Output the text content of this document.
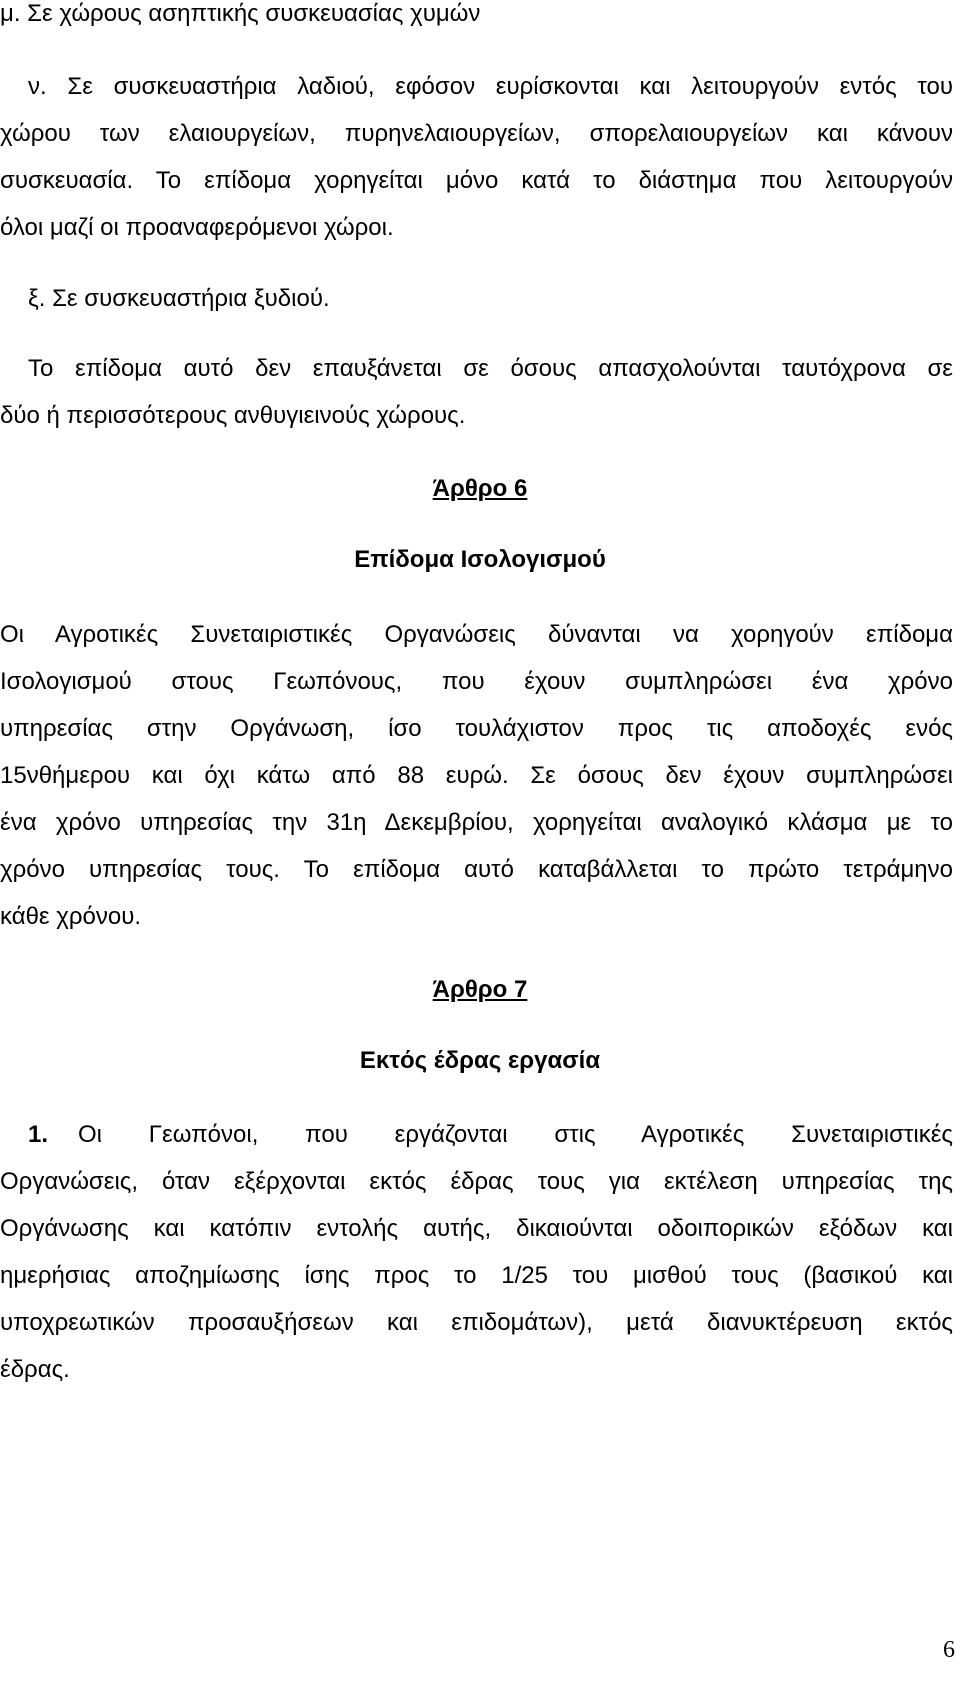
μ. Σε χώρους ασηπτικής συσκευασίας χυμών
ν. Σε συσκευαστήρια λαδιού, εφόσον ευρίσκονται και λειτουργούν εντός του
χώρου των ελαιουργείων, πυρηνελαιουργείων, σπορελαιουργείων και κάνουν
συσκευασία. Το επίδομα χορηγείται μόνο κατά το διάστημα που λειτουργούν
όλοι μαζί οι προαναφερόμενοι χώροι.
ξ. Σε συσκευαστήρια ξυδιού.
Το επίδομα αυτό δεν επαυξάνεται σε όσους απασχολούνται ταυτόχρονα σε
δύο ή περισσότερους ανθυγιεινούς χώρους.
Άρθρο 6
Επίδομα Ισολογισμού
Οι Αγροτικές Συνεταιριστικές Οργανώσεις δύνανται να χορηγούν επίδομα
Ισολογισμού στους Γεωπόνους, που έχουν συμπληρώσει ένα χρόνο
υπηρεσίας στην Οργάνωση, ίσο τουλάχιστον προς τις αποδοχές ενός
15νθήμερου και όχι κάτω από 88 ευρώ. Σε όσους δεν έχουν συμπληρώσει
ένα χρόνο υπηρεσίας την 31η Δεκεμβρίου, χορηγείται αναλογικό κλάσμα με το
χρόνο υπηρεσίας τους. Το επίδομα αυτό καταβάλλεται το πρώτο τετράμηνο
κάθε χρόνου.
Άρθρο 7
Εκτός έδρας εργασία
1. Οι Γεωπόνοι, που εργάζονται στις Αγροτικές Συνεταιριστικές
Οργανώσεις, όταν εξέρχονται εκτός έδρας τους για εκτέλεση υπηρεσίας της
Οργάνωσης και κατόπιν εντολής αυτής, δικαιούνται οδοιπορικών εξόδων και
ημερήσιας αποζημίωσης ίσης προς το 1/25 του μισθού τους (βασικού και
υποχρεωτικών προσαυξήσεων και επιδομάτων), μετά διανυκτέρευση εκτός
έδρας.
6
